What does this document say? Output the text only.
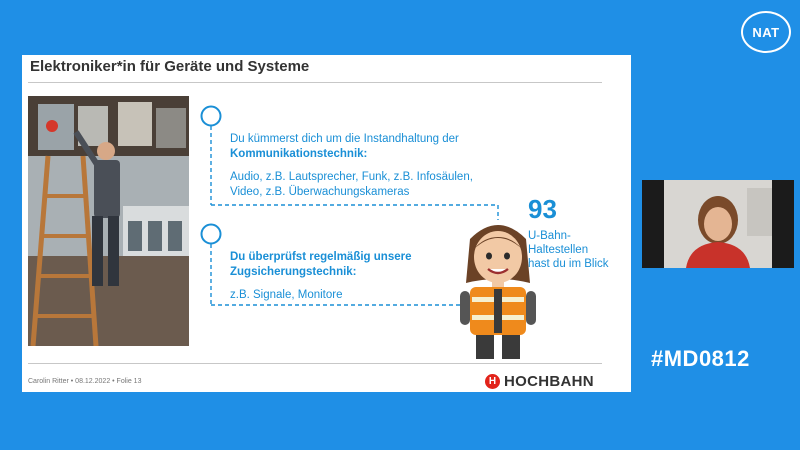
NAT
Elektroniker*in für Geräte und Systeme
Du kümmerst dich um die Instandhaltung der
Kommunikationstechnik:
Audio, z.B. Lautsprecher, Funk, z.B. Infosäulen,
Video, z.B. Überwachungskameras
Du überprüfst regelmäßig unsere
Zugsicherungstechnik:
z.B. Signale, Monitore
93
U-Bahn-
Haltestellen
hast du im Blick
Carolin Ritter • 08.12.2022 • Folie 13	H HOCHBAHN
#MD0812
